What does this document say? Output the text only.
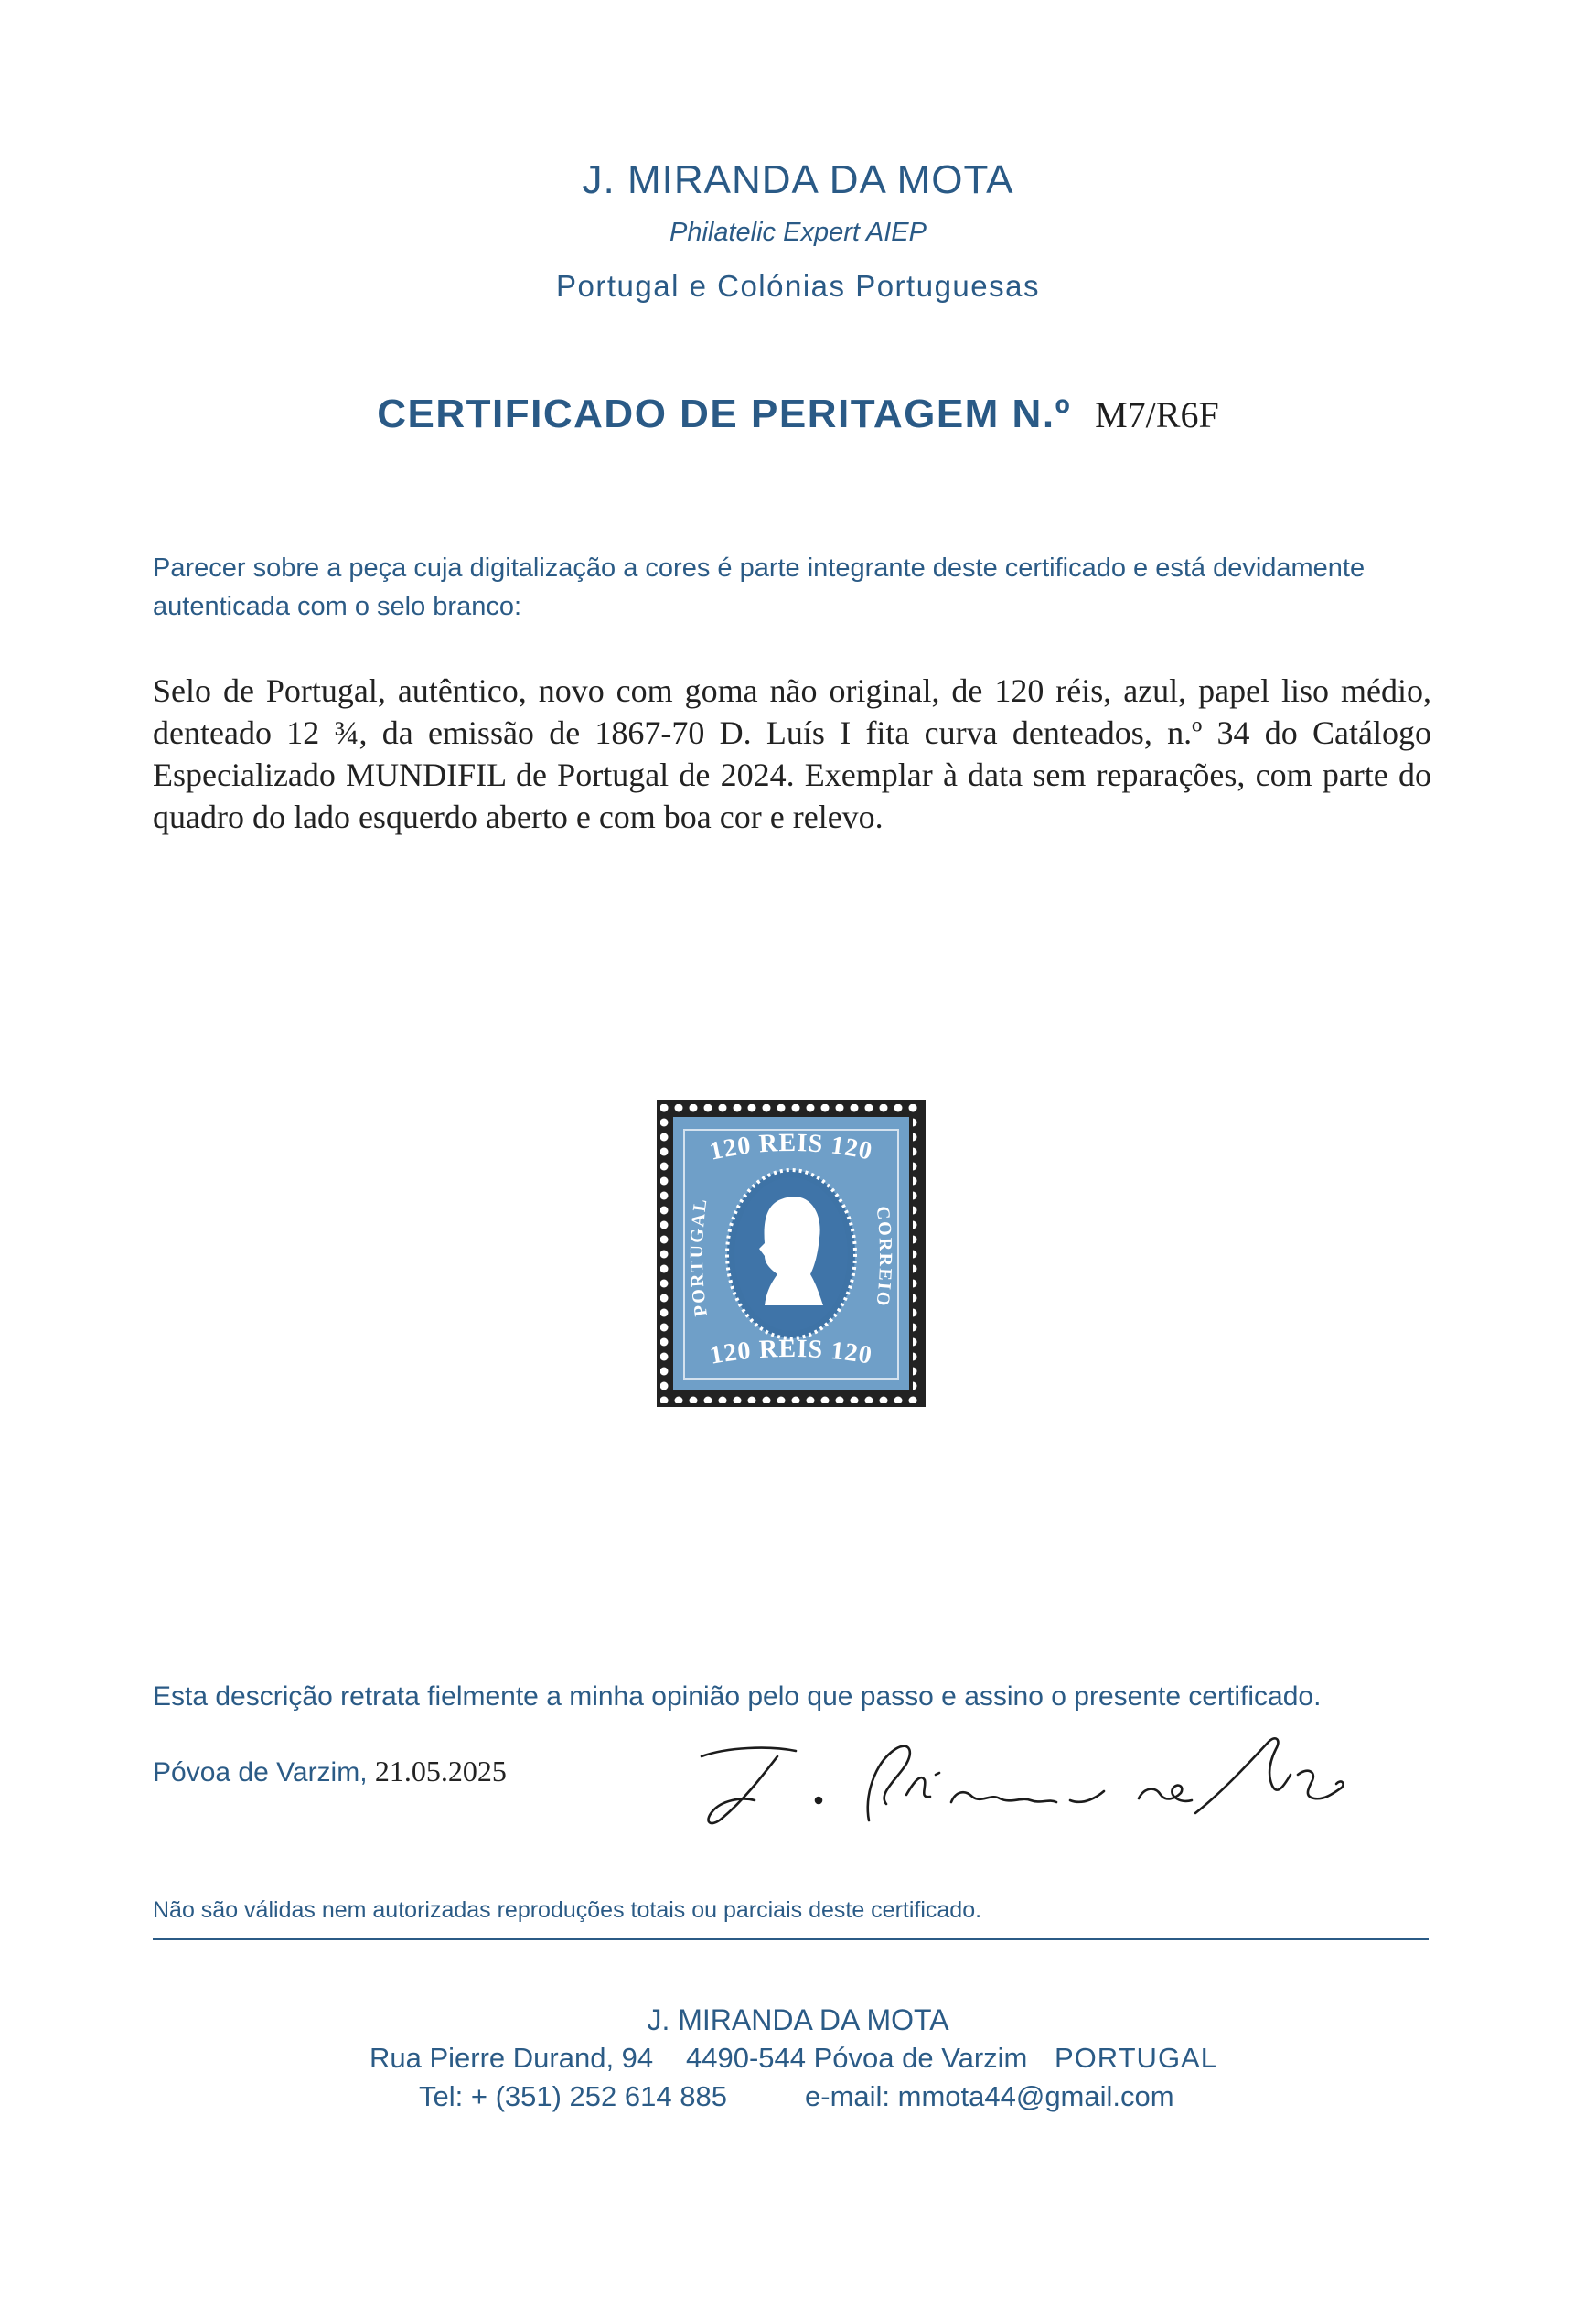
J. MIRANDA DA MOTA
Philatelic Expert AIEP
Portugal e Colónias Portuguesas
CERTIFICADO DE PERITAGEM N.º M7/R6F
Parecer sobre a peça cuja digitalização a cores é parte integrante deste certificado e está devidamente autenticada com o selo branco:
Selo de Portugal, autêntico, novo com goma não original, de 120 réis, azul, papel liso médio, denteado 12 ¾, da emissão de 1867-70 D. Luís I fita curva denteados, n.º 34 do Catálogo Especializado MUNDIFIL de Portugal de 2024. Exemplar à data sem reparações, com parte do quadro do lado esquerdo aberto e com boa cor e relevo.
120 REIS 120
120 REIS 120
PORTUGAL
CORREIO
Esta descrição retrata fielmente a minha opinião pelo que passo e assino o presente certificado.
Póvoa de Varzim, 21.05.2025
Não são válidas nem autorizadas reproduções totais ou parciais deste certificado.
J. MIRANDA DA MOTA
Rua Pierre Durand, 94 4490-544 Póvoa de Varzim PORTUGAL
Tel: + (351) 252 614 885	e-mail: mmota44@gmail.com
